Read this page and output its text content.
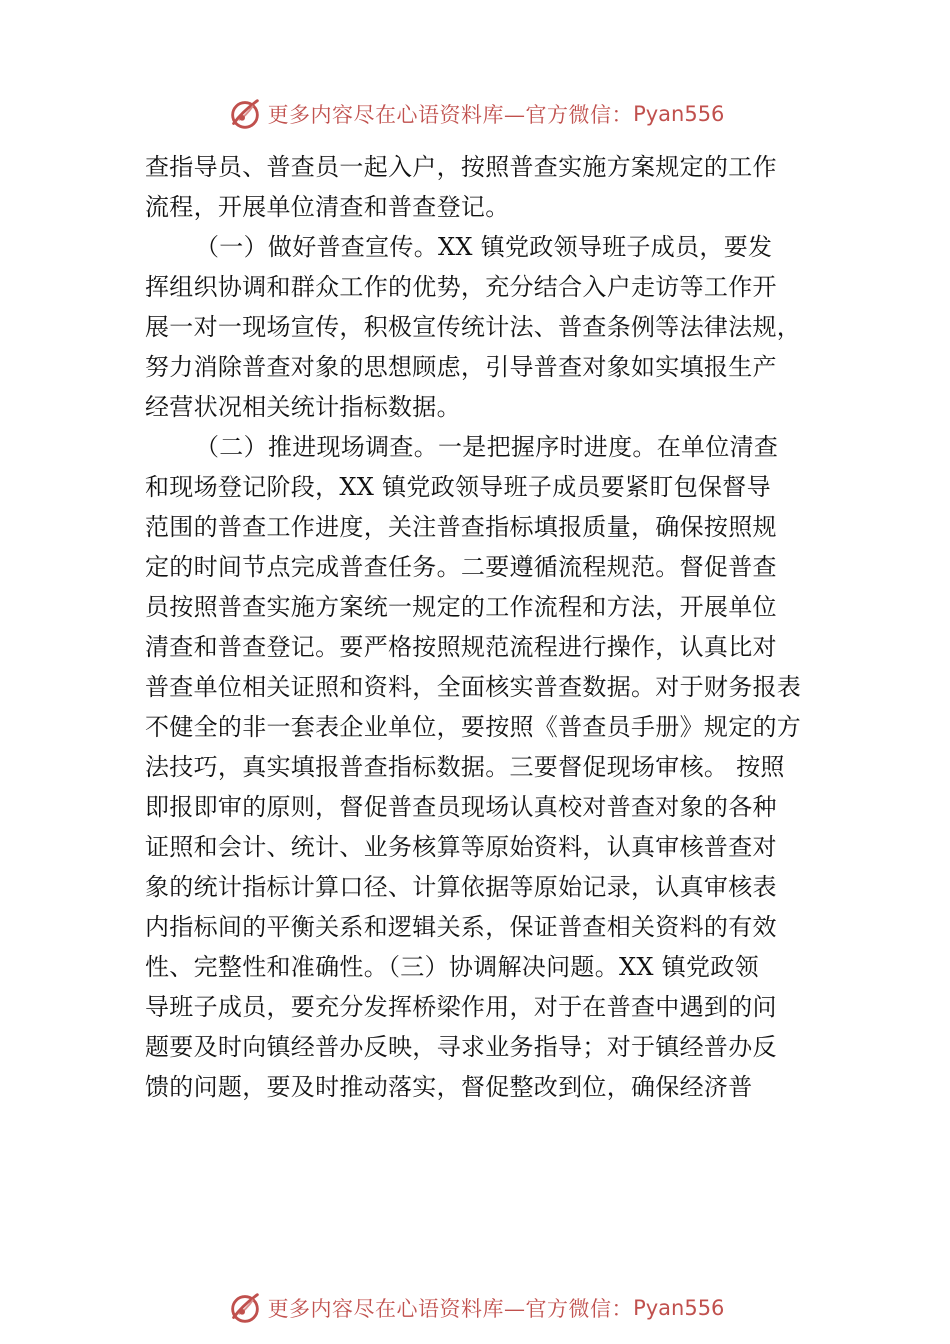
更多内容尽在心语资料库—官方微信： Pyan556
查指导员、普查员一起入户，按照普查实施方案规定的工作
流程，开展单位清查和普查登记。
（一）做好普查宣传。XX 镇党政领导班子成员，要发
挥组织协调和群众工作的优势，充分结合入户走访等工作开
展一对一现场宣传，积极宣传统计法、普查条例等法律法规，
努力消除普查对象的思想顾虑，引导普查对象如实填报生产
经营状况相关统计指标数据。
（二）推进现场调查。一是把握序时进度。在单位清查
和现场登记阶段，XX 镇党政领导班子成员要紧盯包保督导
范围的普查工作进度，关注普查指标填报质量，确保按照规
定的时间节点完成普查任务。二要遵循流程规范。督促普查
员按照普查实施方案统一规定的工作流程和方法，开展单位
清查和普查登记。要严格按照规范流程进行操作，认真比对
普查单位相关证照和资料，全面核实普查数据。对于财务报表
不健全的非一套表企业单位，要按照《普查员手册》规定的方
法技巧，真实填报普查指标数据。三要督促现场审核。 按照
即报即审的原则，督促普查员现场认真校对普查对象的各种
证照和会计、统计、业务核算等原始资料，认真审核普查对
象的统计指标计算口径、计算依据等原始记录，认真审核表
内指标间的平衡关系和逻辑关系，保证普查相关资料的有效
性、完整性和准确性。（三）协调解决问题。XX 镇党政领
导班子成员，要充分发挥桥梁作用，对于在普查中遇到的问
题要及时向镇经普办反映，寻求业务指导；对于镇经普办反
馈的问题，要及时推动落实，督促整改到位，确保经济普
更多内容尽在心语资料库—官方微信： Pyan556
